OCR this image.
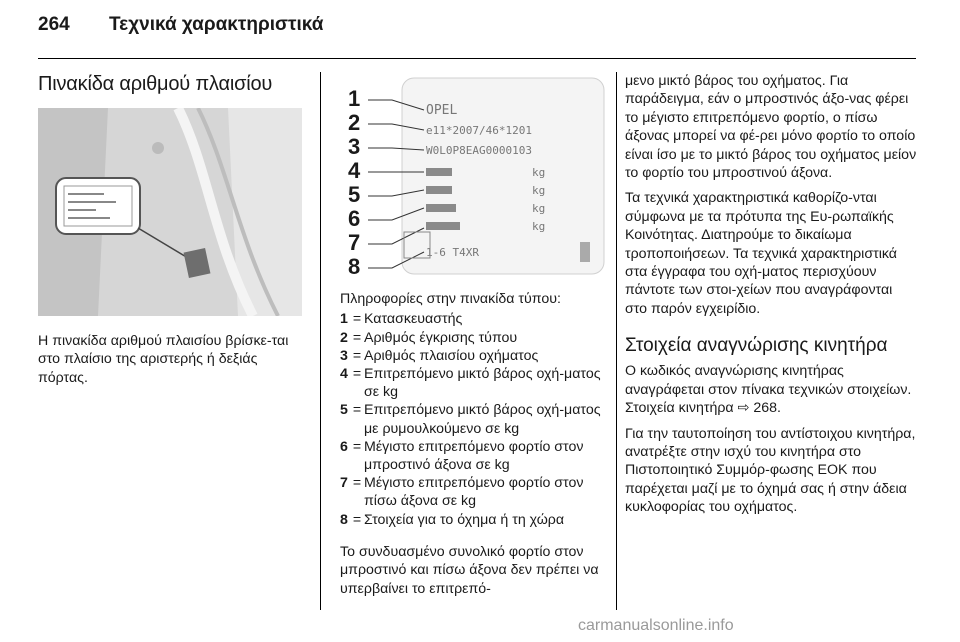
264 Τεχνικά χαρακτηριστικά
Πινακίδα αριθμού πλαισίου

Η πινακίδα αριθμού πλαισίου βρίσκε-ται στο πλαίσιο της αριστερής ή δεξιάς πόρτας.

1
2
3
4
5
6
7
8
OPEL
e11*2007/46*1201
W0L0P8EAG0000103
kg
kg
kg
kg
1-6 T4XR

Πληροφορίες στην πινακίδα τύπου:

1 = Κατασκευαστής
2 = Αριθμός έγκρισης τύπου
3 = Αριθμός πλαισίου οχήματος
4 = Επιτρεπόμενο μικτό βάρος οχή-ματος σε kg
5 = Επιτρεπόμενο μικτό βάρος οχή-ματος με ρυμουλκούμενο σε kg
6 = Μέγιστο επιτρεπόμενο φορτίο στον μπροστινό άξονα σε kg
7 = Μέγιστο επιτρεπόμενο φορτίο στον πίσω άξονα σε kg
8 = Στοιχεία για το όχημα ή τη χώρα

Το συνδυασμένο συνολικό φορτίο στον μπροστινό και πίσω άξονα δεν πρέπει να υπερβαίνει το επιτρεπό-

μενο μικτό βάρος του οχήματος. Για παράδειγμα, εάν ο μπροστινός άξο-νας φέρει το μέγιστο επιτρεπόμενο φορτίο, ο πίσω άξονας μπορεί να φέ-ρει μόνο φορτίο το οποίο είναι ίσο με το μικτό βάρος του οχήματος μείον το φορτίο του μπροστινού άξονα.

Τα τεχνικά χαρακτηριστικά καθορίζο-νται σύμφωνα με τα πρότυπα της Ευ-ρωπαϊκής Κοινότητας. Διατηρούμε το δικαίωμα τροποποιήσεων. Τα τεχνικά χαρακτηριστικά στα έγγραφα του οχή-ματος περισχύουν πάντοτε των στοι-χείων που αναγράφονται στο παρόν εγχειρίδιο.

Στοιχεία αναγνώρισης κινητήρα

Ο κωδικός αναγνώρισης κινητήρας αναγράφεται στον πίνακα τεχνικών στοιχείων. Στοιχεία κινητήρα ⇨ 268.

Για την ταυτοποίηση του αντίστοιχου κινητήρα, ανατρέξτε στην ισχύ του κινητήρα στο Πιστοποιητικό Συμμόρ-φωσης ΕΟΚ που παρέχεται μαζί με το όχημά σας ή στην άδεια κυκλοφορίας του οχήματος.

carmanualsonline.info
